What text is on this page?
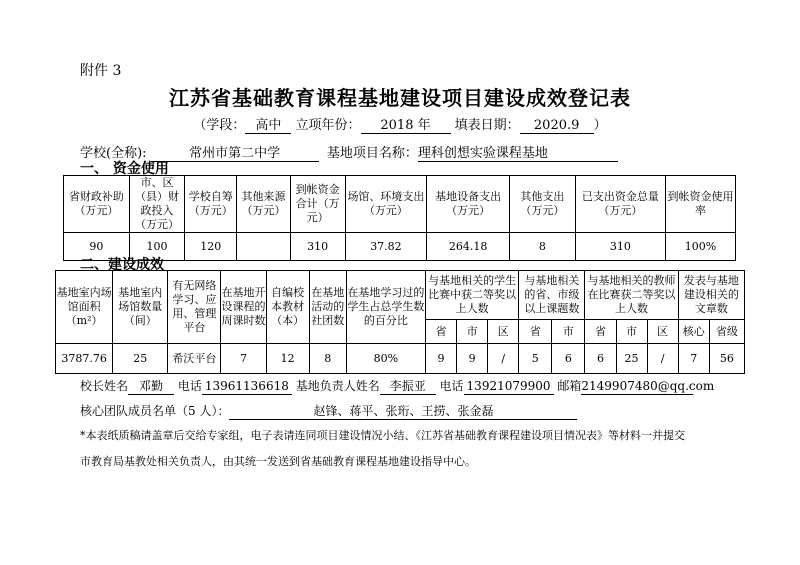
附件 3
江苏省基础教育课程基地建设项目建设成效登记表
（学段： 高中 立项年份： 2018 年 填表日期： 2020.9 ）
学校(全称):	常州市第二中学	基地项目名称：理科创想实验课程基地
一、 资金使用
省财政补助（万元）	市、区（县）财政投入（万元）	学校自筹（万元）	其他来源（万元）	到帐资金合计（万元）	场馆、环境支出（万元）	基地设备支出（万元）	其他支出（万元）	已支出资金总量（万元）	到帐资金使用率
90	100	120		310	37.82	264.18	8	310	100%
二、建设成效
基地室内场馆面积（m²）	基地室内场馆数量（间）	有无网络学习、应用、管理平台	在基地开设课程的周课时数	自编校本教材（本）	在基地活动的社团数	在基地学习过的学生占总学生数的百分比	与基地相关的学生比赛中获二等奖以上人数			与基地相关的省、市级以上课题数		与基地相关的教师在比赛获二等奖以上人数			发表与基地建设相关的文章数	
							省	市	区	省	市	省	市	区	核心	省级
3787.76	25	希沃平台	7	12	8	80%	9	9	/	5	6	6	25	/	7	56
校长姓名 邓勤 电话 13961136618 基地负责人姓名 李振亚 电话 13921079900 邮箱2149907480@qq.com
核心团队成员名单（5 人）：	赵锋、蒋平、张珩、王捞、张金磊
*本表纸质稿请盖章后交给专家组，电子表请连同项目建设情况小结、《江苏省基础教育课程建设项目情况表》等材料一并提交
市教育局基教处相关负责人，由其统一发送到省基础教育课程基地建设指导中心。
